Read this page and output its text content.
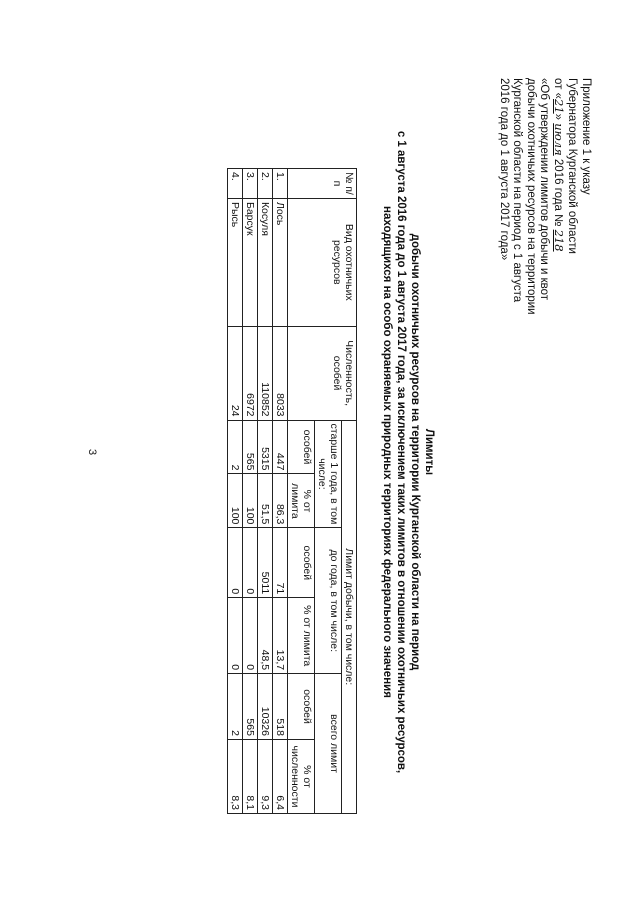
3
Приложение 1 к указу
Губернатора Курганской области
от «21» июля 2016 года № 218
«Об утверждении лимитов добычи и квот
добычи охотничьих ресурсов на территории
Курганской области на период с 1 августа
2016 года до 1 августа 2017 года»
Лимиты
добычи охотничьих ресурсов на территории Курганской области на период
с 1 августа 2016 года до 1 августа 2017 года, за исключением таких лимитов в отношении охотничьих ресурсов,
находящихся на особо охраняемых природных территориях федерального значения
№ п/п	Вид охотничьих ресурсов	Численность, особей	Лимит добычи, в том числе:					
			старше 1 года, в том числе:		до года, в том числе:		всего лимит	
			особей	% от лимита	особей	% от лимита	особей	% от численности
1.	Лось	8033	447	86,3	71	13,7	518	6,4
2.	Косуля	110852	5315	51,5	5011	48,5	10326	9,3
3.	Барсук	6972	565	100	0	0	565	8,1
4.	Рысь	24	2	100	0	0	2	8,3
